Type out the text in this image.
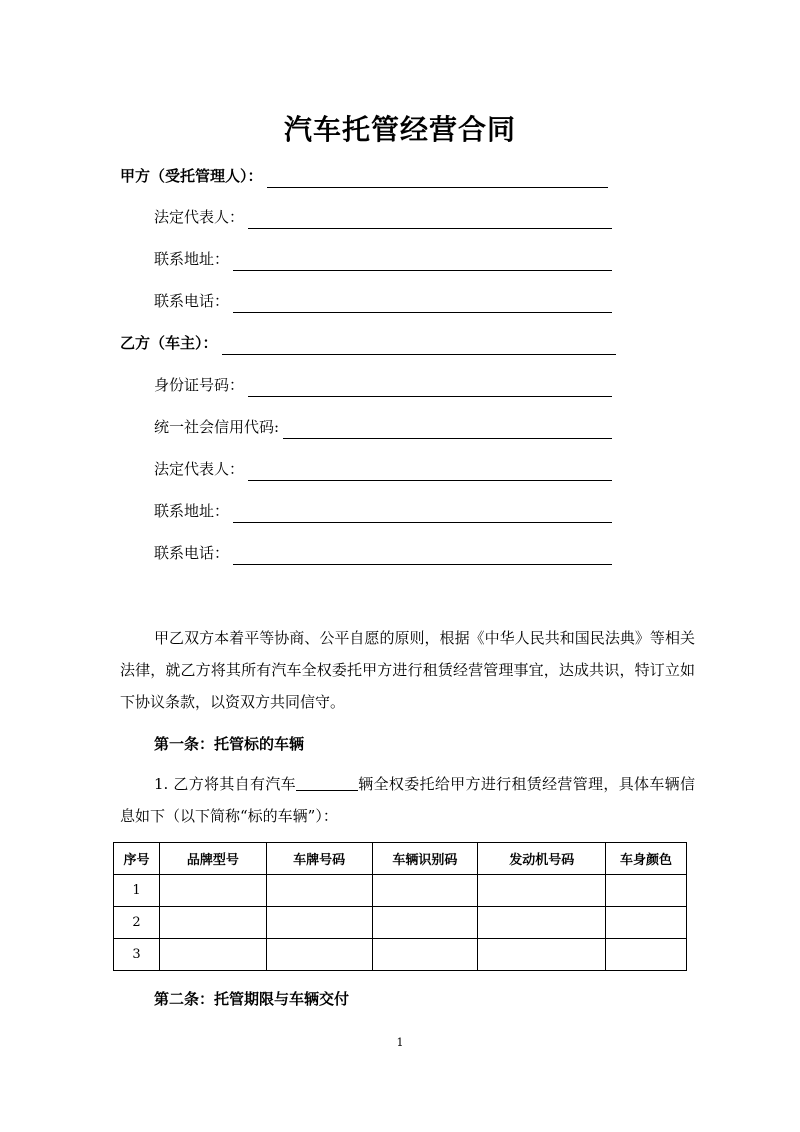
汽车托管经营合同
甲方（受托管理人）：
法定代表人：
联系地址：
联系电话：
乙方（车主）：
身份证号码：
统一社会信用代码:
法定代表人：
联系地址：
联系电话：
甲乙双方本着平等协商、公平自愿的原则，根据《中华人民共和国民法典》等相关法律，就乙方将其所有汽车全权委托甲方进行租赁经营管理事宜，达成共识，特订立如下协议条款，以资双方共同信守。
第一条：托管标的车辆
1. 乙方将其自有汽车	辆全权委托给甲方进行租赁经营管理，具体车辆信息如下（以下简称“标的车辆”）：
序号	品牌型号	车牌号码	车辆识别码	发动机号码	车身颜色
1					
2					
3					
第二条：托管期限与车辆交付
1
